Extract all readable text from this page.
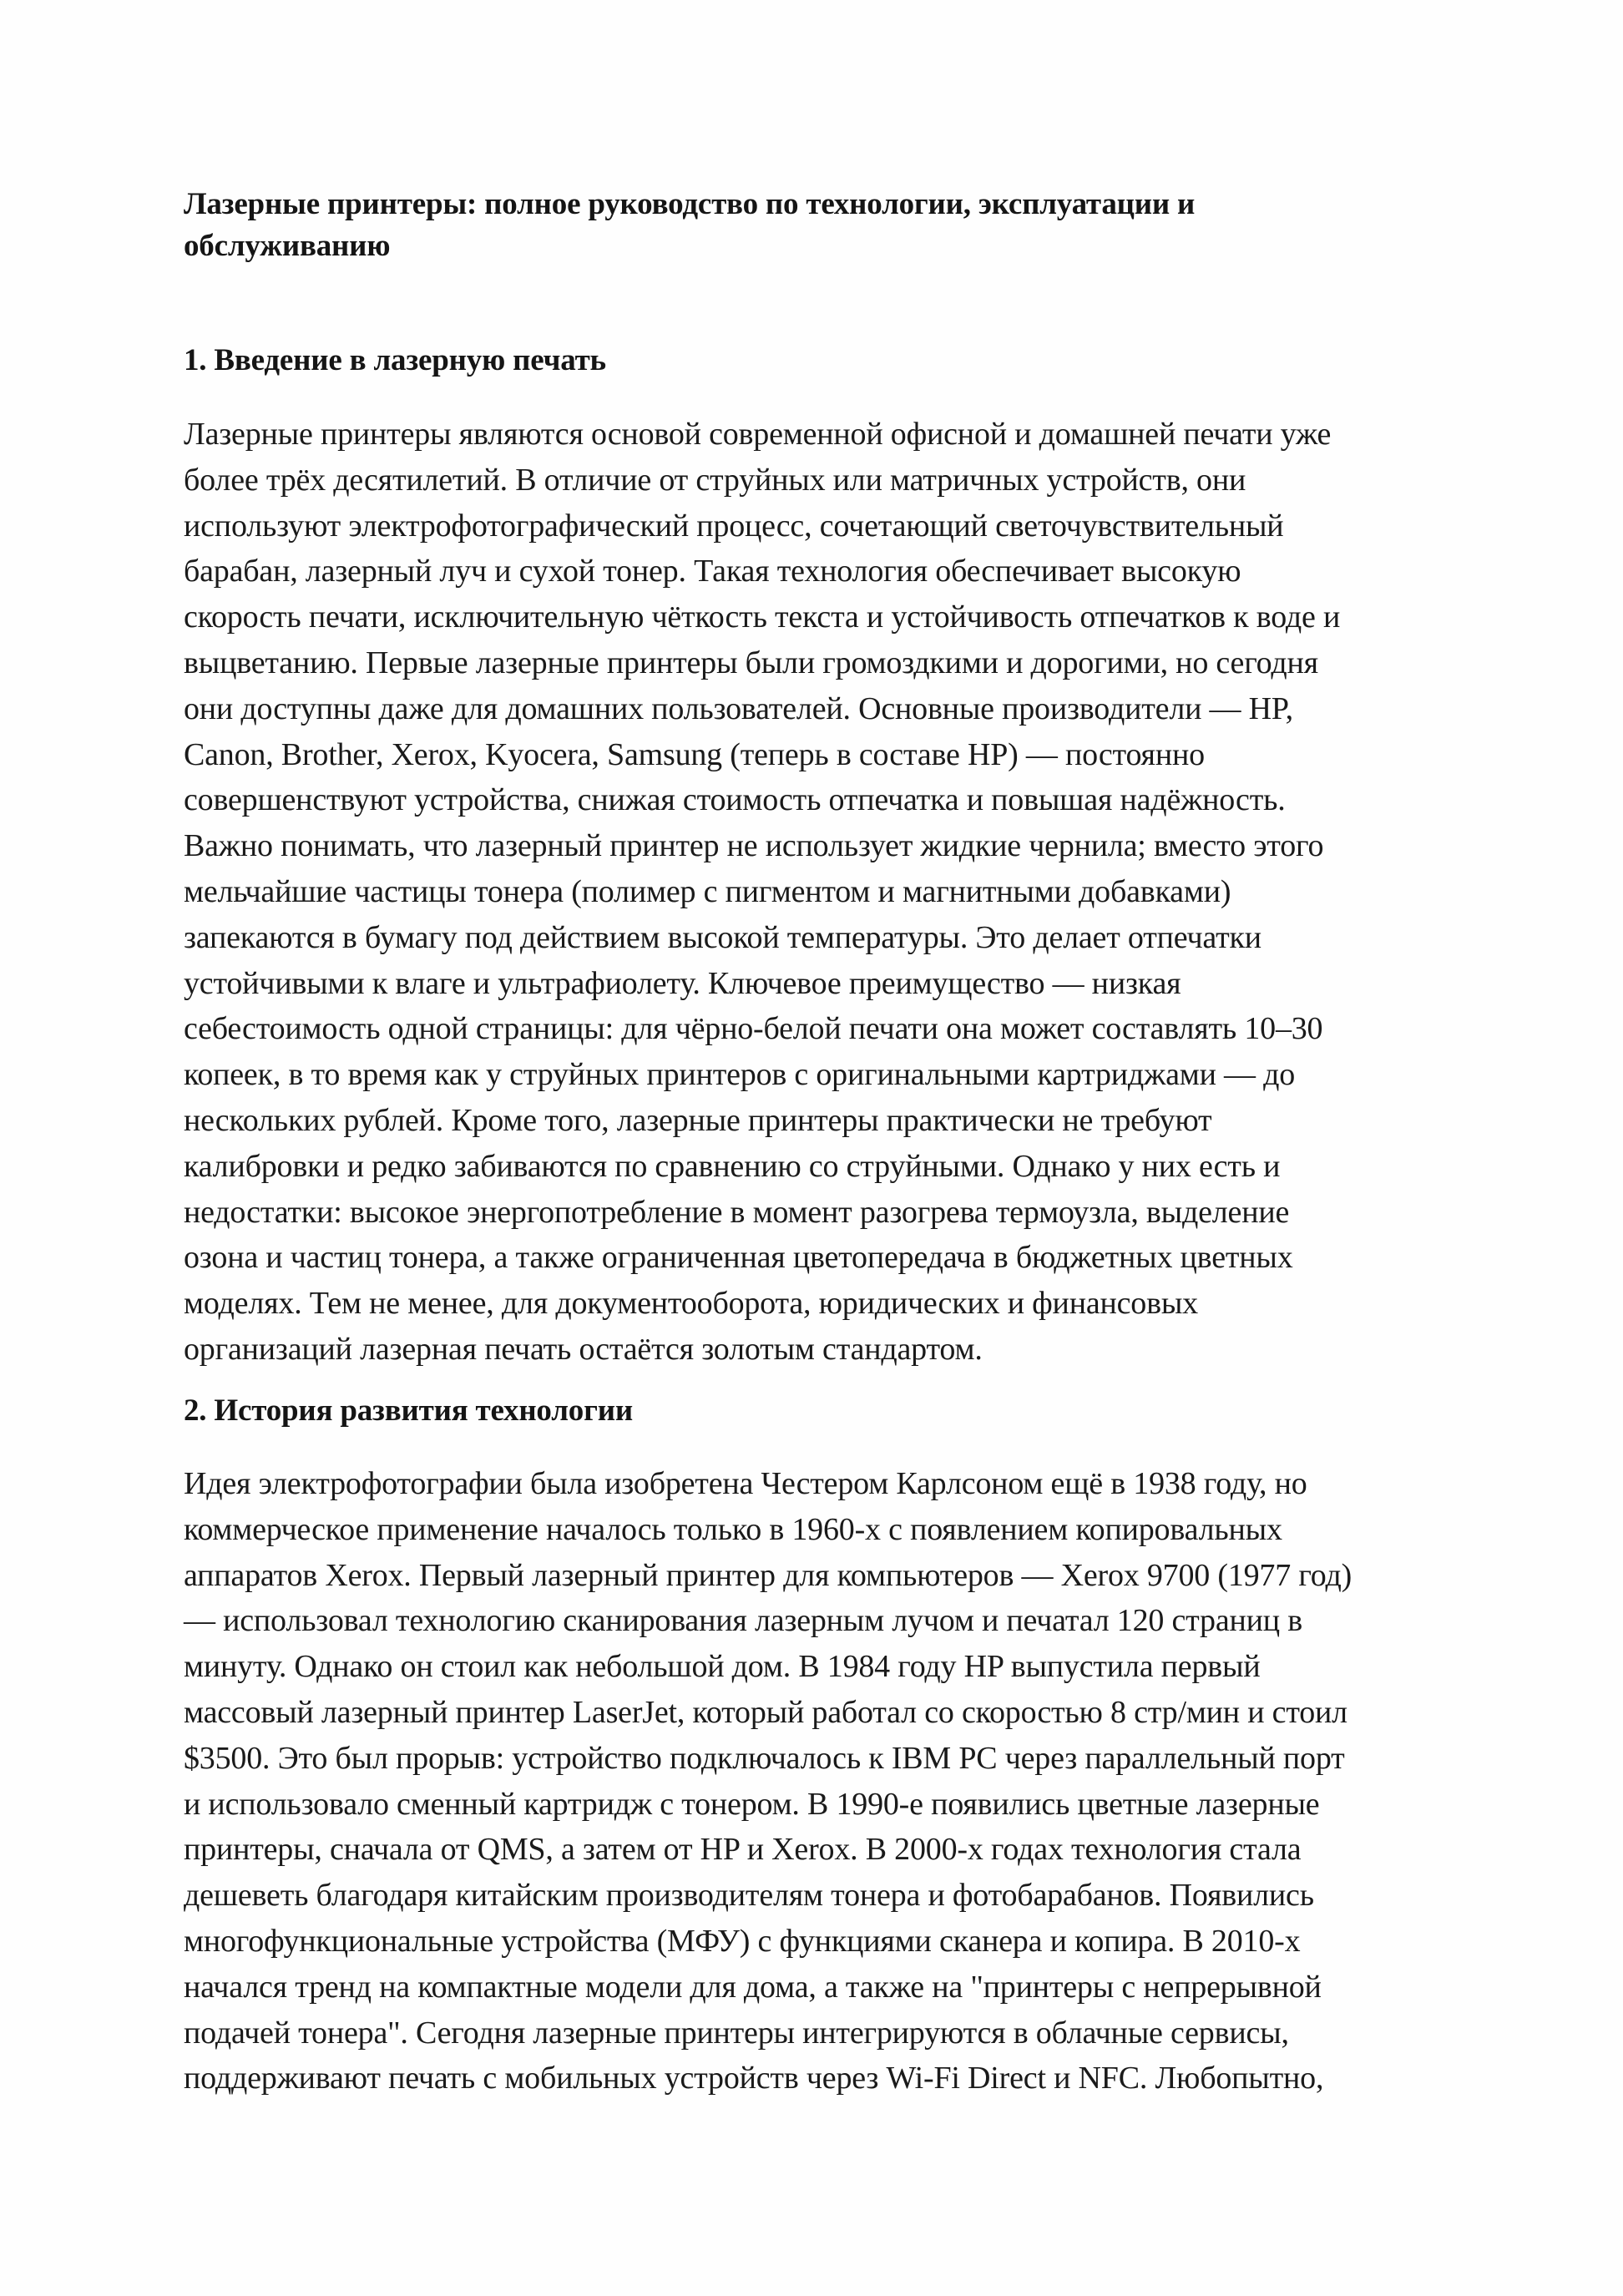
Лазерные принтеры: полное руководство по технологии, эксплуатации и
обслуживанию
1. Введение в лазерную печать
Лазерные принтеры являются основой современной офисной и домашней печати уже
более трёх десятилетий. В отличие от струйных или матричных устройств, они
используют электрофотографический процесс, сочетающий светочувствительный
барабан, лазерный луч и сухой тонер. Такая технология обеспечивает высокую
скорость печати, исключительную чёткость текста и устойчивость отпечатков к воде и
выцветанию. Первые лазерные принтеры были громоздкими и дорогими, но сегодня
они доступны даже для домашних пользователей. Основные производители — HP,
Canon, Brother, Xerox, Kyocera, Samsung (теперь в составе HP) — постоянно
совершенствуют устройства, снижая стоимость отпечатка и повышая надёжность.
Важно понимать, что лазерный принтер не использует жидкие чернила; вместо этого
мельчайшие частицы тонера (полимер с пигментом и магнитными добавками)
запекаются в бумагу под действием высокой температуры. Это делает отпечатки
устойчивыми к влаге и ультрафиолету. Ключевое преимущество — низкая
себестоимость одной страницы: для чёрно-белой печати она может составлять 10–30
копеек, в то время как у струйных принтеров с оригинальными картриджами — до
нескольких рублей. Кроме того, лазерные принтеры практически не требуют
калибровки и редко забиваются по сравнению со струйными. Однако у них есть и
недостатки: высокое энергопотребление в момент разогрева термоузла, выделение
озона и частиц тонера, а также ограниченная цветопередача в бюджетных цветных
моделях. Тем не менее, для документооборота, юридических и финансовых
организаций лазерная печать остаётся золотым стандартом.
2. История развития технологии
Идея электрофотографии была изобретена Честером Карлсоном ещё в 1938 году, но
коммерческое применение началось только в 1960-х с появлением копировальных
аппаратов Xerox. Первый лазерный принтер для компьютеров — Xerox 9700 (1977 год)
— использовал технологию сканирования лазерным лучом и печатал 120 страниц в
минуту. Однако он стоил как небольшой дом. В 1984 году HP выпустила первый
массовый лазерный принтер LaserJet, который работал со скоростью 8 стр/мин и стоил
$3500. Это был прорыв: устройство подключалось к IBM PC через параллельный порт
и использовало сменный картридж с тонером. В 1990-е появились цветные лазерные
принтеры, сначала от QMS, а затем от HP и Xerox. В 2000-х годах технология стала
дешеветь благодаря китайским производителям тонера и фотобарабанов. Появились
многофункциональные устройства (МФУ) с функциями сканера и копира. В 2010-х
начался тренд на компактные модели для дома, а также на "принтеры с непрерывной
подачей тонера". Сегодня лазерные принтеры интегрируются в облачные сервисы,
поддерживают печать с мобильных устройств через Wi-Fi Direct и NFC. Любопытно,
